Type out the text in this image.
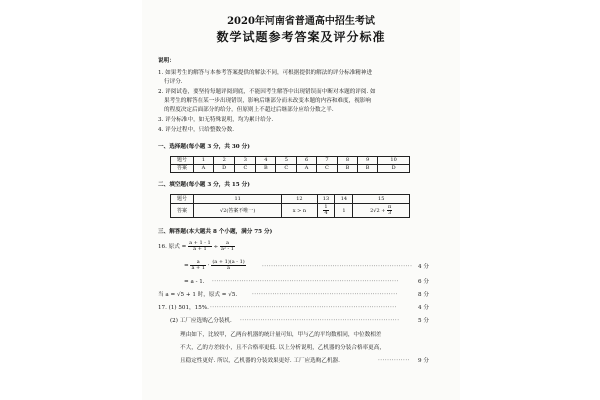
2020年河南省普通高中招生考试
数学试题参考答案及评分标准
说明：
1. 如果考生的解答与本参考答案提供的解法不同，可根据提供的解法的评分标准精神进
行评分.
2. 评阅试卷，要坚持每题评阅到底，不能因考生解答中出现错误而中断对本题的评阅. 如
果考生的解答在某一步出现错误，影响后继部分而未改变本题的内容和难度，视影响
的程度决定后面部分的给分，但原则上不超过后继部分应给分数之半.
3. 评分标准中，如无特殊说明，均为累计给分.
4. 评分过程中，只给整数分数.
一、选择题(每小题 3 分，共 30 分)
题号	1	2	3	4	5	6	7	8	9	10
答案	A	D	C	B	C	A	C	B	B	D
二、填空题(每小题 3 分，共 15 分)
题号	11	12	13	14	15
答案	√2(答案不唯一)	x > n	$\frac{1}{4}$	1	$2√2 + \frac{\pi}{3}$
三、解答题(本大题共 8 个小题，满分 75 分)
16. 原式 = $\frac{a + 1 - 1}{a + 1} \div \frac{a}{\text{a² - 1}}$
= $\frac{a}{a + 1} \cdot \frac{(a + 1)(a - 1)}{a}$	·································································· 4 分
= a - 1. ··················································································	6 分
当 a = √5 + 1 时，原式 = √5.	································································	8 分
17. (1) 501，15%. ··················································································	4 分
(2) 工厂应选购乙分装机. ······································································	5 分
理由如下，比较甲，乙两台机器的统计量可知，甲与乙的平均数相同，中位数相差
不大，乙的方差较小，且不合格率更低. 以上分析说明，乙机器的分装合格率更高，
且稳定性更好. 所以，乙机器的分装效果更好. 工厂应选购乙机器.	··············	9 分
